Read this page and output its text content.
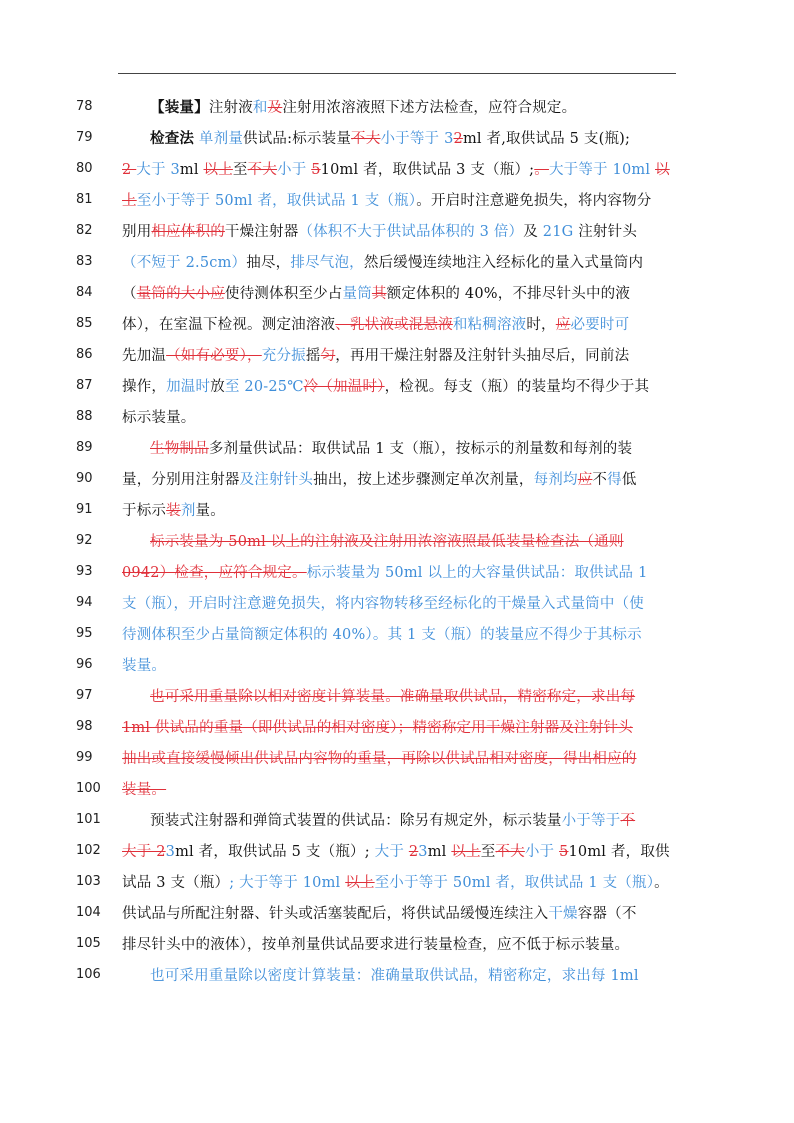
78	【装量】注射液和及注射用浓溶液照下述方法检查，应符合规定。
79	检查法 单剂量供试品:标示装量不大小于等于 32ml 者,取供试品 5 支(瓶);
80	2 大于 3ml 以上至不大小于 510ml 者，取供试品 3 支（瓶）;。大于等于 10ml 以
81	上至小于等于 50ml 者，取供试品 1 支（瓶）。开启时注意避免损失，将内容物分
82	别用相应体积的干燥注射器（体积不大于供试品体积的 3 倍）及 21G 注射针头
83	（不短于 2.5cm）抽尽，排尽气泡，然后缓慢连续地注入经标化的量入式量筒内
84	（量筒的大小应使待测体积至少占量筒其额定体积的 40%，不排尽针头中的液
85	体），在室温下检视。测定油溶液、乳状液或混悬液和粘稠溶液时，应必要时可
86	先加温（如有必要），充分振摇匀，再用干燥注射器及注射针头抽尽后，同前法
87	操作，加温时放至 20-25℃冷（加温时），检视。每支（瓶）的装量均不得少于其
88	标示装量。
89	生物制品多剂量供试品：取供试品 1 支（瓶），按标示的剂量数和每剂的装
90	量，分别用注射器及注射针头抽出，按上述步骤测定单次剂量，每剂均应不得低
91	于标示装剂量。
92	标示装量为 50ml 以上的注射液及注射用浓溶液照最低装量检查法（通则
93	0942）检查，应符合规定。标示装量为 50ml 以上的大容量供试品：取供试品 1
94	支（瓶），开启时注意避免损失，将内容物转移至经标化的干燥量入式量筒中（使
95	待测体积至少占量筒额定体积的 40%）。其 1 支（瓶）的装量应不得少于其标示
96	装量。
97	也可采用重量除以相对密度计算装量。准确量取供试品，精密称定，求出每
98	1ml 供试品的重量（即供试品的相对密度）；精密称定用干燥注射器及注射针头
99	抽出或直接缓慢倾出供试品内容物的重量，再除以供试品相对密度，得出相应的
100 装量。
101	预装式注射器和弹筒式装置的供试品：除另有规定外，标示装量小于等于不
102 大于 23ml 者，取供试品 5 支（瓶）; 大于 23ml 以上至不大小于 510ml 者，取供
103 试品 3 支（瓶）; 大于等于 10ml 以上至小于等于 50ml 者，取供试品 1 支（瓶）。
104 供试品与所配注射器、针头或活塞装配后，将供试品缓慢连续注入干燥容器（不
105 排尽针头中的液体），按单剂量供试品要求进行装量检查，应不低于标示装量。
106	也可采用重量除以密度计算装量：准确量取供试品，精密称定，求出每 1ml
